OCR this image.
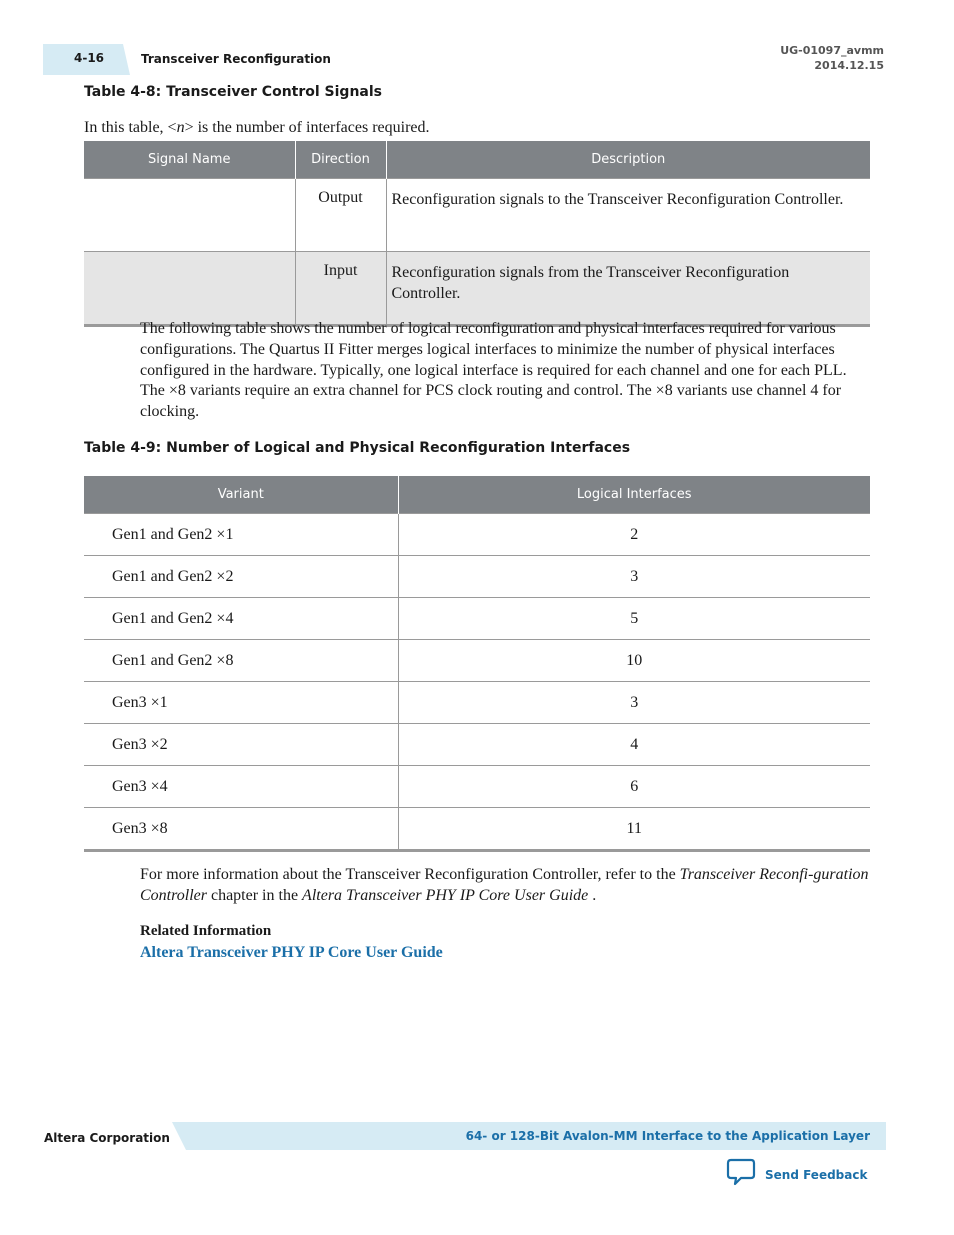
4-16	Transceiver Reconfiguration
UG-01097_avmm
2014.12.15
Table 4-8: Transceiver Control Signals
In this table, <n> is the number of interfaces required.
Signal Name	Direction	Description
	Output	Reconfiguration signals to the Transceiver Reconfiguration Controller.
	Input	Reconfiguration signals from the Transceiver Reconfiguration Controller.
The following table shows the number of logical reconfiguration and physical interfaces required for various configurations. The Quartus II Fitter merges logical interfaces to minimize the number of physical interfaces configured in the hardware. Typically, one logical interface is required for each channel and one for each PLL. The ×8 variants require an extra channel for PCS clock routing and control. The ×8 variants use channel 4 for clocking.
Table 4-9: Number of Logical and Physical Reconfiguration Interfaces
Variant	Logical Interfaces
Gen1 and Gen2 ×1	2
Gen1 and Gen2 ×2	3
Gen1 and Gen2 ×4	5
Gen1 and Gen2 ×8	10
Gen3 ×1	3
Gen3 ×2	4
Gen3 ×4	6
Gen3 ×8	11
For more information about the Transceiver Reconfiguration Controller, refer to the Transceiver Reconfi-guration Controller chapter in the Altera Transceiver PHY IP Core User Guide .
Related Information
Altera Transceiver PHY IP Core User Guide
Altera Corporation	64- or 128-Bit Avalon-MM Interface to the Application Layer
Send Feedback
